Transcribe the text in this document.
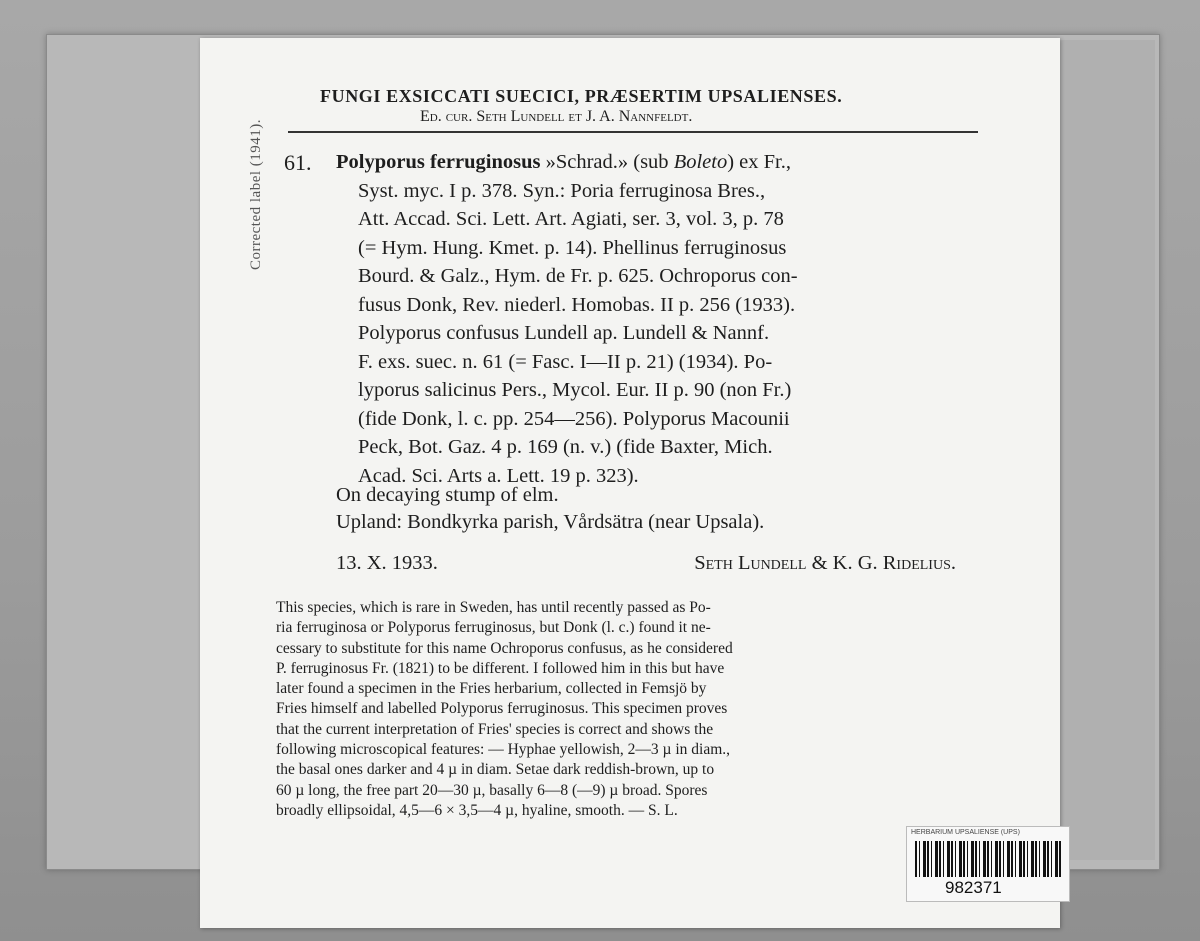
Corrected label (1941).
FUNGI EXSICCATI SUECICI, PRÆSERTIM UPSALIENSES.
Ed. cur. Seth Lundell et J. A. Nannfeldt.
61. Polyporus ferruginosus »Schrad.» (sub Boleto) ex Fr.,
Syst. myc. I p. 378. Syn.: Poria ferruginosa Bres.,
Att. Accad. Sci. Lett. Art. Agiati, ser. 3, vol. 3, p. 78
(= Hym. Hung. Kmet. p. 14). Phellinus ferruginosus
Bourd. & Galz., Hym. de Fr. p. 625. Ochroporus con-
fusus Donk, Rev. niederl. Homobas. II p. 256 (1933).
Polyporus confusus Lundell ap. Lundell & Nannf.
F. exs. suec. n. 61 (= Fasc. I—II p. 21) (1934). Po-
lyporus salicinus Pers., Mycol. Eur. II p. 90 (non Fr.)
(fide Donk, l. c. pp. 254—256). Polyporus Macounii
Peck, Bot. Gaz. 4 p. 169 (n. v.) (fide Baxter, Mich.
Acad. Sci. Arts a. Lett. 19 p. 323).
On decaying stump of elm.
Upland: Bondkyrka parish, Vårdsätra (near Upsala).
13. X. 1933.	Seth Lundell & K. G. Ridelius.
This species, which is rare in Sweden, has until recently passed as Po-
ria ferruginosa or Polyporus ferruginosus, but Donk (l. c.) found it ne-
cessary to substitute for this name Ochroporus confusus, as he considered
P. ferruginosus Fr. (1821) to be different. I followed him in this but have
later found a specimen in the Fries herbarium, collected in Femsjö by
Fries himself and labelled Polyporus ferruginosus. This specimen proves
that the current interpretation of Fries' species is correct and shows the
following microscopical features: — Hyphae yellowish, 2—3 µ in diam.,
the basal ones darker and 4 µ in diam. Setae dark reddish-brown, up to
60 µ long, the free part 20—30 µ, basally 6—8 (—9) µ broad. Spores
broadly ellipsoidal, 4,5—6 × 3,5—4 µ, hyaline, smooth. — S. L.
HERBARIUM UPSALIENSE (UPS)
982371
